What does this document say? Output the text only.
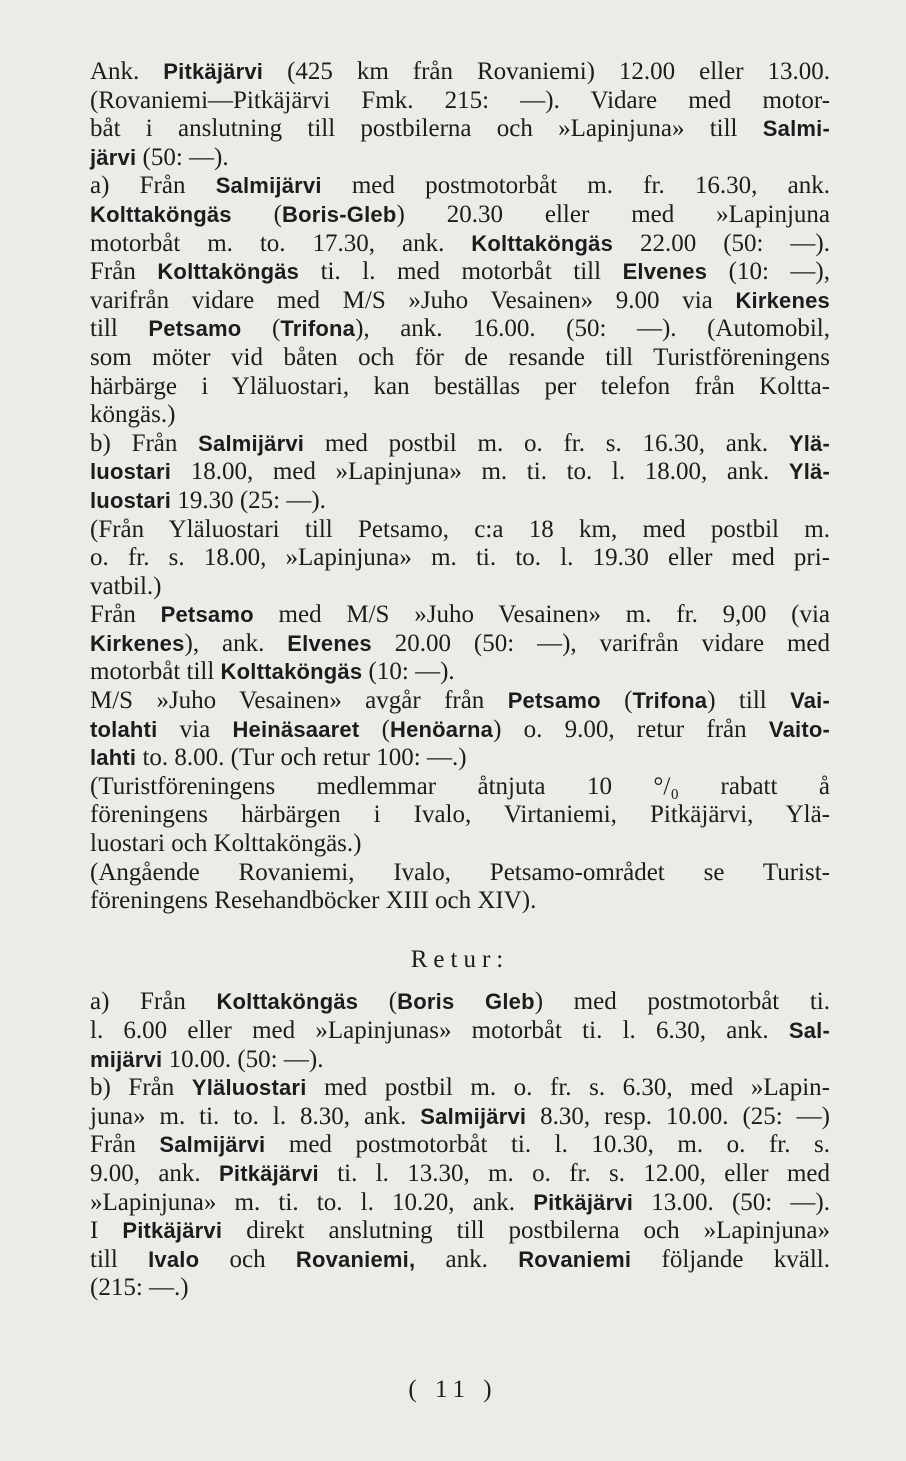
Ank. Pitkäjärvi (425 km från Rovaniemi) 12.00 eller 13.00.
(Rovaniemi—Pitkäjärvi Fmk. 215: —). Vidare med motor-
båt i anslutning till postbilerna och »Lapinjuna» till Salmi-
järvi (50: —).
a) Från Salmijärvi med postmotorbåt m. fr. 16.30, ank.
Kolttaköngäs (Boris-Gleb) 20.30 eller med »Lapinjuna
motorbåt m. to. 17.30, ank. Kolttaköngäs 22.00 (50: —).
Från Kolttaköngäs ti. l. med motorbåt till Elvenes (10: —),
varifrån vidare med M/S »Juho Vesainen» 9.00 via Kirkenes
till Petsamo (Trifona), ank. 16.00. (50: —). (Automobil,
som möter vid båten och för de resande till Turistföreningens
härbärge i Yläluostari, kan beställas per telefon från Koltta-
köngäs.)
b) Från Salmijärvi med postbil m. o. fr. s. 16.30, ank. Ylä-
luostari 18.00, med »Lapinjuna» m. ti. to. l. 18.00, ank. Ylä-
luostari 19.30 (25: —).
(Från Yläluostari till Petsamo, c:a 18 km, med postbil m.
o. fr. s. 18.00, »Lapinjuna» m. ti. to. l. 19.30 eller med pri-
vatbil.)
Från Petsamo med M/S »Juho Vesainen» m. fr. 9,00 (via
Kirkenes), ank. Elvenes 20.00 (50: —), varifrån vidare med
motorbåt till Kolttaköngäs (10: —).
M/S »Juho Vesainen» avgår från Petsamo (Trifona) till Vai-
tolahti via Heinäsaaret (Henöarna) o. 9.00, retur från Vaito-
lahti to. 8.00. (Tur och retur 100: —.)
(Turistföreningens medlemmar åtnjuta 10 °/₀ rabatt å
föreningens härbärgen i Ivalo, Virtaniemi, Pitkäjärvi, Ylä-
luostari och Kolttaköngäs.)
(Angående Rovaniemi, Ivalo, Petsamo-området se Turist-
föreningens Resehandböcker XIII och XIV).
Retur:
a) Från Kolttaköngäs (Boris Gleb) med postmotorbåt ti.
l. 6.00 eller med »Lapinjunas» motorbåt ti. l. 6.30, ank. Sal-
mijärvi 10.00. (50: —).
b) Från Yläluostari med postbil m. o. fr. s. 6.30, med »Lapin-
juna» m. ti. to. l. 8.30, ank. Salmijärvi 8.30, resp. 10.00. (25: —)
Från Salmijärvi med postmotorbåt ti. l. 10.30, m. o. fr. s.
9.00, ank. Pitkäjärvi ti. l. 13.30, m. o. fr. s. 12.00, eller med
»Lapinjuna» m. ti. to. l. 10.20, ank. Pitkäjärvi 13.00. (50: —).
I Pitkäjärvi direkt anslutning till postbilerna och »Lapinjuna»
till Ivalo och Rovaniemi, ank. Rovaniemi följande kväll.
(215: —.)
( 11 )
